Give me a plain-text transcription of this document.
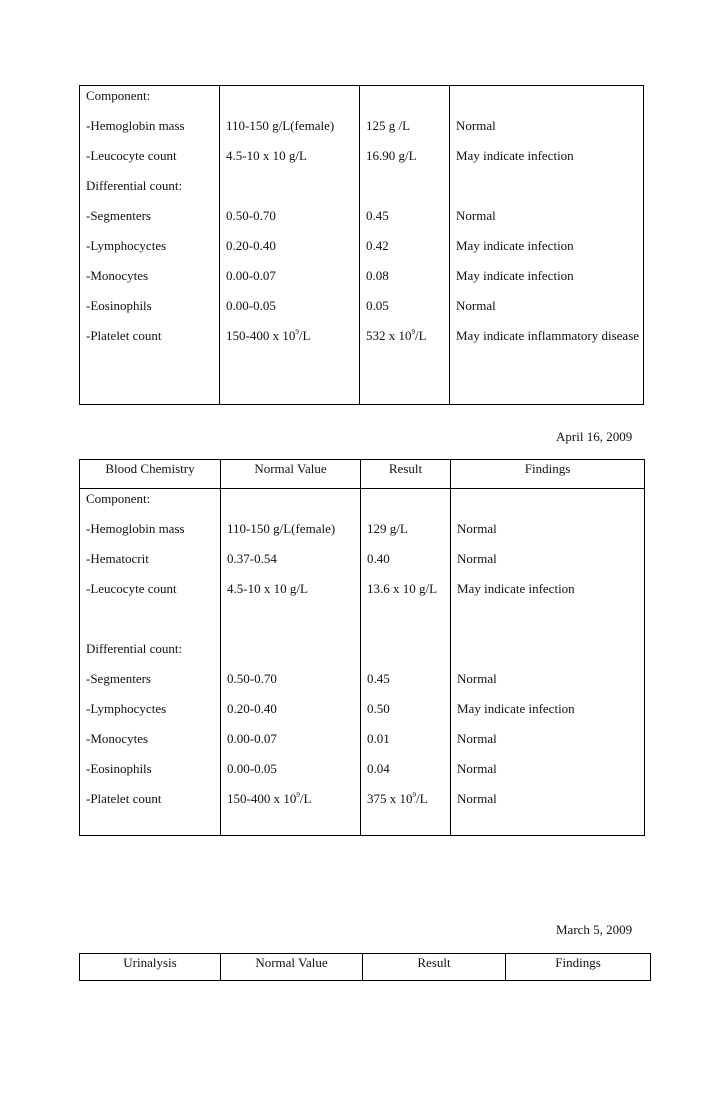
Component:			
-Hemoglobin mass	110-150 g/L(female)	125 g /L	Normal
-Leucocyte count	4.5-10 x 10 g/L	16.90 g/L	May indicate infection
Differential count:			
-Segmenters	0.50-0.70	0.45	Normal
-Lymphocyctes	0.20-0.40	0.42	May indicate infection
-Monocytes	0.00-0.07	0.08	May indicate infection
-Eosinophils	0.00-0.05	0.05	Normal
-Platelet count	150-400 x $10^9/L$	532 x $10^9/L$	May indicate inflammatory disease
April 16, 2009
Blood Chemistry	Normal Value	Result	Findings
Component:			
-Hemoglobin mass	110-150 g/L(female)	129 g/L	Normal
-Hematocrit	0.37-0.54	0.40	Normal
-Leucocyte count	4.5-10 x 10 g/L	13.6 x 10 g/L	May indicate infection

Differential count:			
-Segmenters	0.50-0.70	0.45	Normal
-Lymphocyctes	0.20-0.40	0.50	May indicate infection
-Monocytes	0.00-0.07	0.01	Normal
-Eosinophils	0.00-0.05	0.04	Normal
-Platelet count	150-400 x $10^9/L$	375 x $10^9/L$	Normal
March 5, 2009
Urinalysis	Normal Value	Result	Findings
